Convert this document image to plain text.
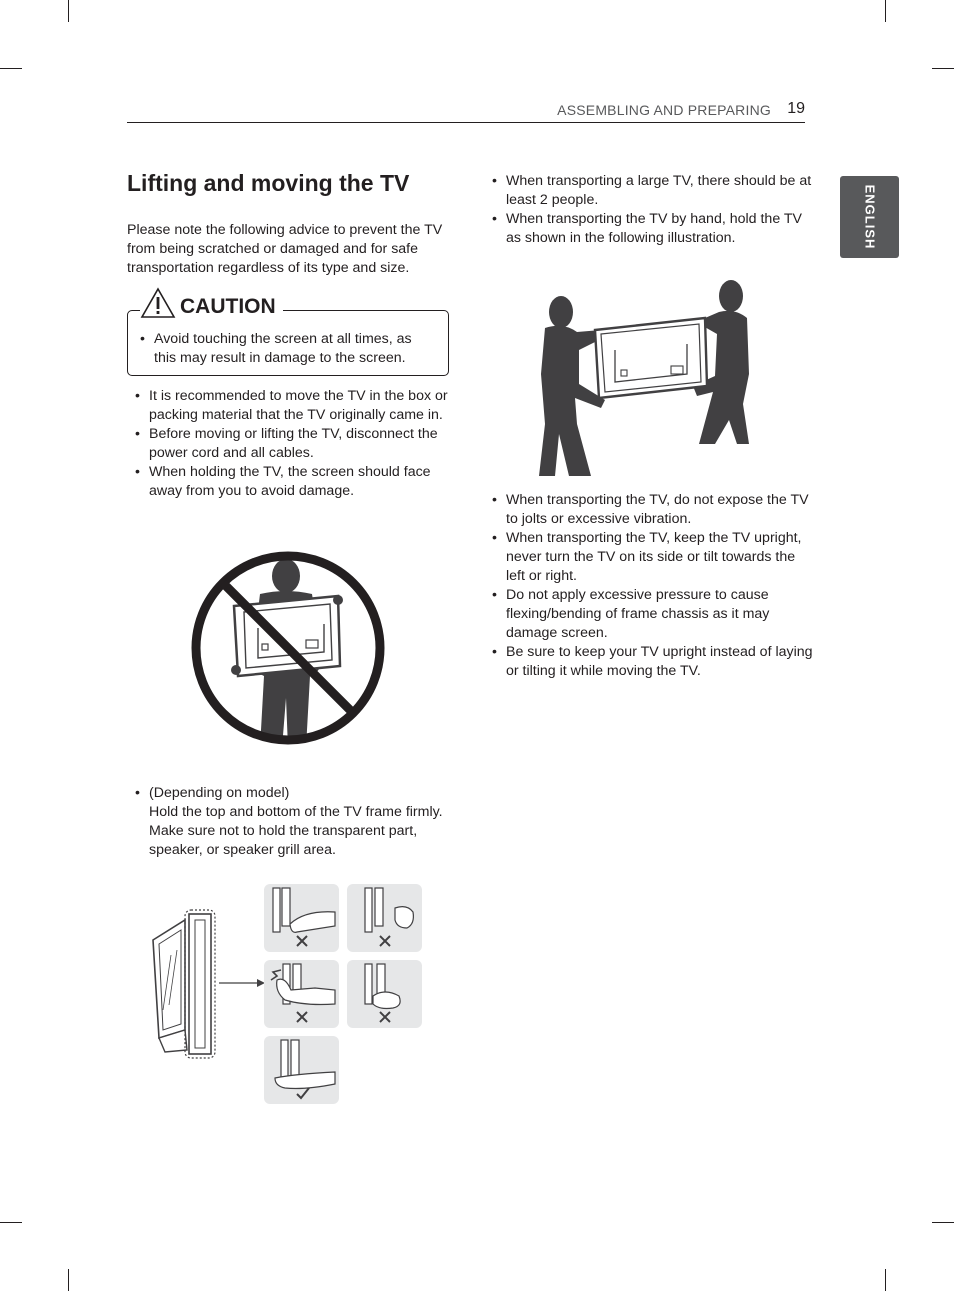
ASSEMBLING AND PREPARING 19
ENGLISH
Lifting and moving the TV

Please note the following advice to prevent the TV from being scratched or damaged and for safe transportation regardless of its type and size.

CAUTION
• Avoid touching the screen at all times, as this may result in damage to the screen.
• It is recommended to move the TV in the box or packing material that the TV originally came in.
• Before moving or lifting the TV, disconnect the power cord and all cables.
• When holding the TV, the screen should face away from you to avoid damage.
• (Depending on model)
Hold the top and bottom of the TV frame firmly.
Make sure not to hold the transparent part, speaker, or speaker grill area.
• When transporting a large TV, there should be at least 2 people.
• When transporting the TV by hand, hold the TV as shown in the following illustration.
• When transporting the TV, do not expose the TV to jolts or excessive vibration.
• When transporting the TV, keep the TV upright, never turn the TV on its side or tilt towards the left or right.
• Do not apply excessive pressure to cause flexing/bending of frame chassis as it may damage screen.
• Be sure to keep your TV upright instead of laying or tilting it while moving the TV.
